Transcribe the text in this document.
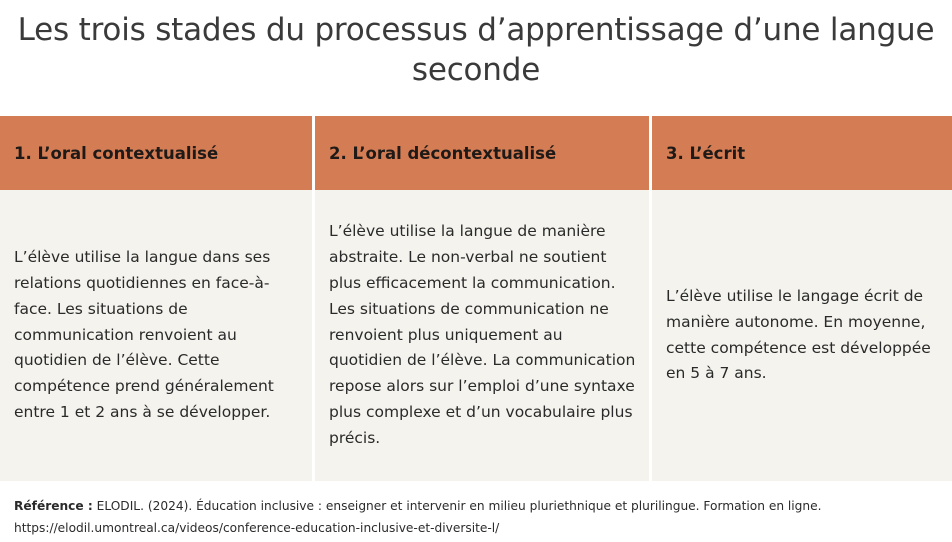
Les trois stades du processus d’apprentissage d’une langue seconde
1. L’oral contextualisé	2. L’oral décontextualisé	3. L’écrit
L’élève utilise la langue dans ses relations quotidiennes en face-à-face. Les situations de communication renvoient au quotidien de l’élève. Cette compétence prend généralement entre 1 et 2 ans à se développer.
L’élève utilise la langue de manière abstraite. Le non-verbal ne soutient plus efficacement la communication. Les situations de communication ne renvoient plus uniquement au quotidien de l’élève. La communication repose alors sur l’emploi d’une syntaxe plus complexe et d’un vocabulaire plus précis.
L’élève utilise le langage écrit de manière autonome. En moyenne, cette compétence est développée en 5 à 7 ans.
Référence : ELODIL. (2024). Éducation inclusive : enseigner et intervenir en milieu pluriethnique et plurilingue. Formation en ligne.
https://elodil.umontreal.ca/videos/conference-education-inclusive-et-diversite-l/
